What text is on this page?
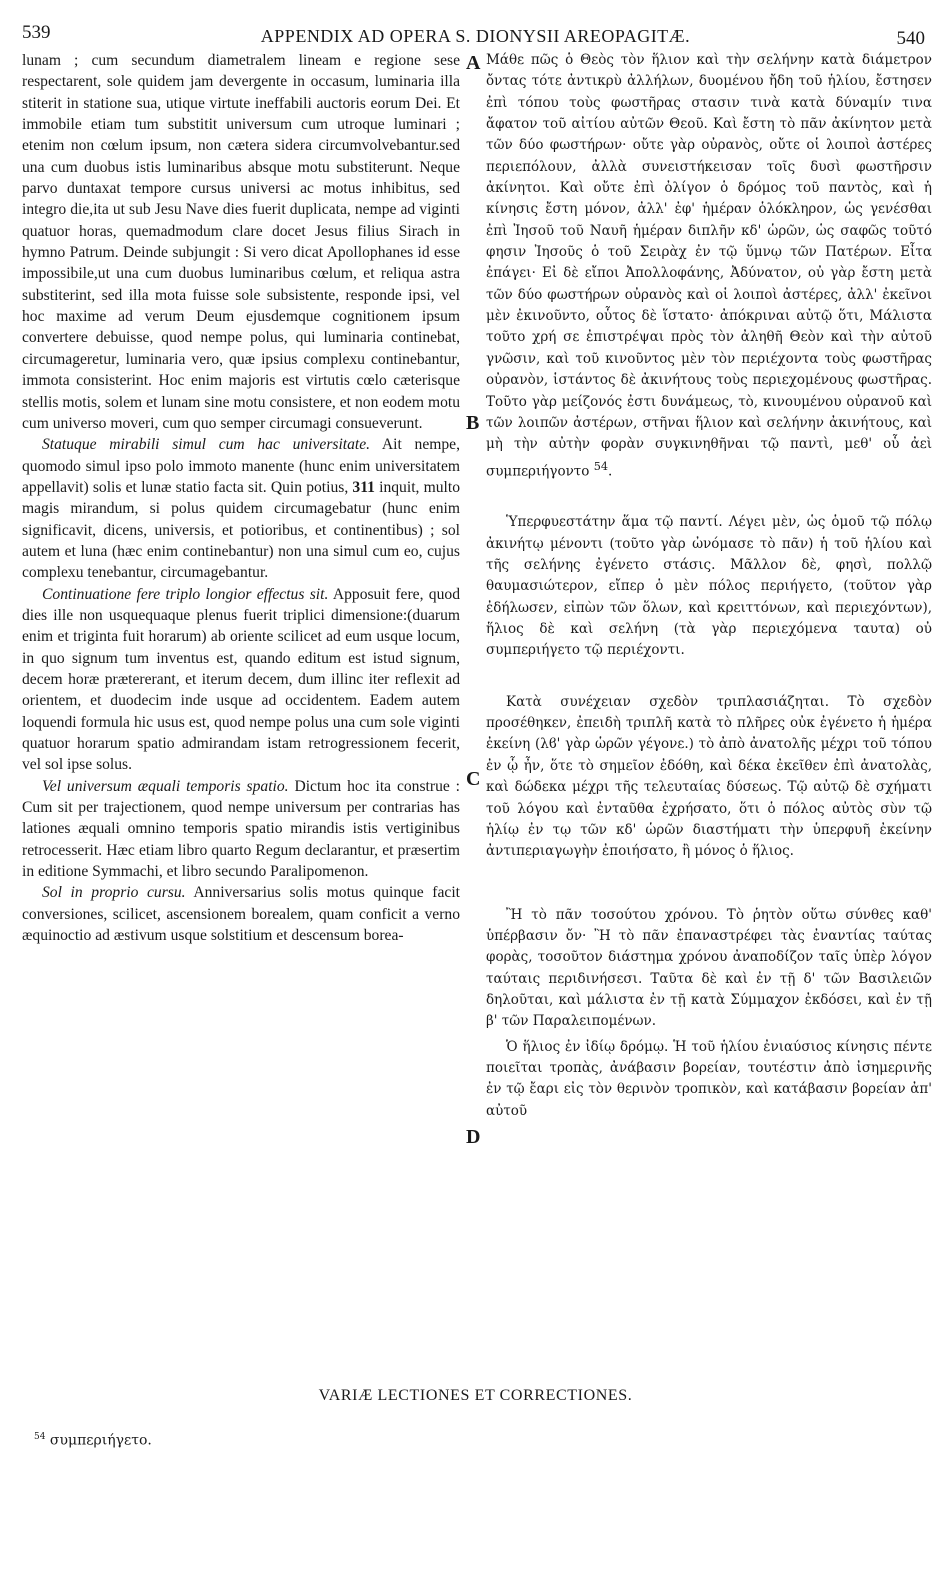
539	APPENDIX AD OPERA S. DIONYSII AREOPAGITÆ.	540

lunam ; cum secundum diametralem lineam e regione sese respectarent, sole quidem jam devergente in occasum, luminaria illa stiterit in statione sua, utique virtute ineffabili auctoris eorum Dei. Et immobile etiam tum substitit universum cum utroque luminari ; etenim non cœlum ipsum, non cætera sidera circumvolvebantur.sed una cum duobus istis luminaribus absque motu substiterunt. Neque parvo duntaxat tempore cursus universi ac motus inhibitus, sed integro die,ita ut sub Jesu Nave dies fuerit duplicata, nempe ad viginti quatuor horas, quemadmodum clare docet Jesus filius Sirach in hymno Patrum. Deinde subjungit : Si vero dicat Apollophanes id esse impossibile,ut una cum duobus luminaribus cœlum, et reliqua astra substiterint, sed illa mota fuisse sole subsistente, responde ipsi, vel hoc maxime ad verum Deum ejusdemque cognitionem ipsum convertere debuisse, quod nempe polus, qui luminaria continebat, circumageretur, luminaria vero, quæ ipsius complexu continebantur, immota consisterint. Hoc enim majoris est virtutis cœlo cæterisque stellis motis, solem et lunam sine motu consistere, et non eodem motu cum universo moveri, cum quo semper circumagi consueverunt.

Statuque mirabili simul cum hac universitate. Ait nempe, quomodo simul ipso polo immoto manente (hunc enim universitatem appellavit) solis et lunæ statio facta sit. Quin potius, 311 inquit, multo magis mirandum, si polus quidem circumagebatur (hunc enim significavit, dicens, universis, et potioribus, et continentibus) ; sol autem et luna (hæc enim continebantur) non una simul cum eo, cujus complexu tenebantur, circumagebantur.

Continuatione fere triplo longior effectus sit. Apposuit fere, quod dies ille non usquequaque plenus fuerit triplici dimensione:(duarum enim et triginta fuit horarum) ab oriente scilicet ad eum usque locum, in quo signum tum inventus est, quando editum est istud signum, decem horæ prætererant, et iterum decem, dum illinc iter reflexit ad orientem, et duodecim inde usque ad occidentem. Eadem autem loquendi formula hic usus est, quod nempe polus una cum sole viginti quatuor horarum spatio admirandam istam retrogressionem fecerit, vel sol ipse solus.

Vel universum æquali temporis spatio. Dictum hoc ita construe : Cum sit per trajectionem, quod nempe universum per contrarias has lationes æquali omnino temporis spatio mirandis istis vertiginibus retrocesserit. Hæc etiam libro quarto Regum declarantur, et præsertim in editione Symmachi, et libro secundo Paralipomenon.

Sol in proprio cursu. Anniversarius solis motus quinque facit conversiones, scilicet, ascensionem borealem, quam conficit a verno æquinoctio ad æstivum usque solstitium et descensum borea-

A
B
C
D

Μάθε πῶς ὁ Θεὸς τὸν ἥλιον καὶ τὴν σελήνην κατὰ διάμετρον ὄντας τότε ἀντικρὺ ἀλλήλων, δυομένου ἤδη τοῦ ἡλίου, ἔστησεν ἐπὶ τόπου τοὺς φωστῆρας στασιν τινὰ κατὰ δύναμίν τινα ἄφατον τοῦ αἰτίου αὐτῶν Θεοῦ. Καὶ ἔστη τὸ πᾶν ἀκίνητον μετὰ τῶν δύο φωστήρων· οὔτε γὰρ οὐρανὸς, οὔτε οἱ λοιποὶ ἀστέρες περιεπόλουν, ἀλλὰ συνειστήκεισαν τοῖς δυσὶ φωστῆρσιν ἀκίνητοι. Καὶ οὔτε ἐπὶ ὀλίγον ὁ δρόμος τοῦ παντὸς, καὶ ἡ κίνησις ἔστη μόνον, ἀλλ' ἐφ' ἡμέραν ὁλόκληρον, ὡς γενέσθαι ἐπὶ Ἰησοῦ τοῦ Ναυῆ ἡμέραν διπλῆν κδ' ὡρῶν, ὡς σαφῶς τοῦτό φησιν Ἰησοῦς ὁ τοῦ Σειρὰχ ἐν τῷ ὕμνῳ τῶν Πατέρων. Εἶτα ἐπάγει· Εἰ δὲ εἴποι Ἀπολλοφάνης, Ἀδύνατον, οὐ γὰρ ἔστη μετὰ τῶν δύο φωστήρων οὐρανὸς καὶ οἱ λοιποὶ ἀστέρες, ἀλλ' ἐκεῖνοι μὲν ἐκινοῦντο, οὗτος δὲ ἵστατο· ἀπόκριναι αὐτῷ ὅτι, Μάλιστα τοῦτο χρή σε ἐπιστρέψαι πρὸς τὸν ἀληθῆ Θεὸν καὶ τὴν αὐτοῦ γνῶσιν, καὶ τοῦ κινοῦντος μὲν τὸν περιέχοντα τοὺς φωστῆρας οὐρανὸν, ἱστάντος δὲ ἀκινήτους τοὺς περιεχομένους φωστῆρας. Τοῦτο γὰρ μείζονός ἐστι δυνάμεως, τὸ, κινουμένου οὐρανοῦ καὶ τῶν λοιπῶν ἀστέρων, στῆναι ἥλιον καὶ σελήνην ἀκινήτους, καὶ μὴ τὴν αὐτὴν φορὰν συγκινηθῆναι τῷ παντὶ, μεθ' οὗ ἀεὶ συμπεριήγοντο $^{54}$.

Ὑπερφυεστάτην ἅμα τῷ παντί. Λέγει μὲν, ὡς ὁμοῦ τῷ πόλῳ ἀκινήτῳ μένοντι (τοῦτο γὰρ ὠνόμασε τὸ πᾶν) ἡ τοῦ ἡλίου καὶ τῆς σελήνης ἐγένετο στάσις. Μᾶλλον δὲ, φησὶ, πολλῷ θαυμασιώτερον, εἴπερ ὁ μὲν πόλος περιήγετο, (τοῦτον γὰρ ἐδήλωσεν, εἰπὼν τῶν ὅλων, καὶ κρειττόνων, καὶ περιεχόντων), ἥλιος δὲ καὶ σελήνη (τὰ γὰρ περιεχόμενα ταυτα) οὐ συμπεριήγετο τῷ περιέχοντι.

Κατὰ συνέχειαν σχεδὸν τριπλασιάζηται. Τὸ σχεδὸν προσέθηκεν, ἐπειδὴ τριπλῆ κατὰ τὸ πλῆρες οὐκ ἐγένετο ἡ ἡμέρα ἐκείνη (λϐ' γὰρ ὡρῶν γέγονε.) τὸ ἀπὸ ἀνατολῆς μέχρι τοῦ τόπου ἐν ᾧ ἦν, ὅτε τὸ σημεῖον ἐδόθη, καὶ δέκα ἐκεῖθεν ἐπὶ ἀνατολὰς, καὶ δώδεκα μέχρι τῆς τελευταίας δύσεως. Τῷ αὐτῷ δὲ σχήματι τοῦ λόγου καὶ ἐνταῦθα ἐχρήσατο, ὅτι ὁ πόλος αὐτὸς σὺν τῷ ἡλίῳ ἐν τῳ τῶν κδ' ὡρῶν διαστήματι τὴν ὑπερφυῆ ἐκείνην ἀντιπεριαγωγὴν ἐποιήσατο, ἢ μόνος ὁ ἥλιος.

Ἢ τὸ πᾶν τοσούτου χρόνου. Τὸ ῥητὸν οὕτω σύνθες καθ' ὑπέρβασιν ὄν· Ἢ τὸ πᾶν ἐπαναστρέφει τὰς ἐναντίας ταύτας φορὰς, τοσοῦτον διάστημα χρόνου ἀναποδίζον ταῖς ὑπὲρ λόγον ταύταις περιδινήσεσι. Ταῦτα δὲ καὶ ἐν τῇ δ' τῶν Βασιλειῶν δηλοῦται, καὶ μάλιστα ἐν τῇ κατὰ Σύμμαχον ἐκδόσει, καὶ ἐν τῇ β' τῶν Παραλειπομένων.

Ὁ ἥλιος ἐν ἰδίῳ δρόμῳ. Ἡ τοῦ ἡλίου ἐνιαύσιος κίνησις πέντε ποιεῖται τροπὰς, ἀνάβασιν βορείαν, τουτέστιν ἀπὸ ἰσημερινῆς ἐν τῷ ἔαρι εἰς τὸν θερινὸν τροπικὸν, καὶ κατάβασιν βορείαν ἀπ' αὐτοῦ

VARIÆ LECTIONES ET CORRECTIONES.
$^{54}$ συμπεριήγετο.
